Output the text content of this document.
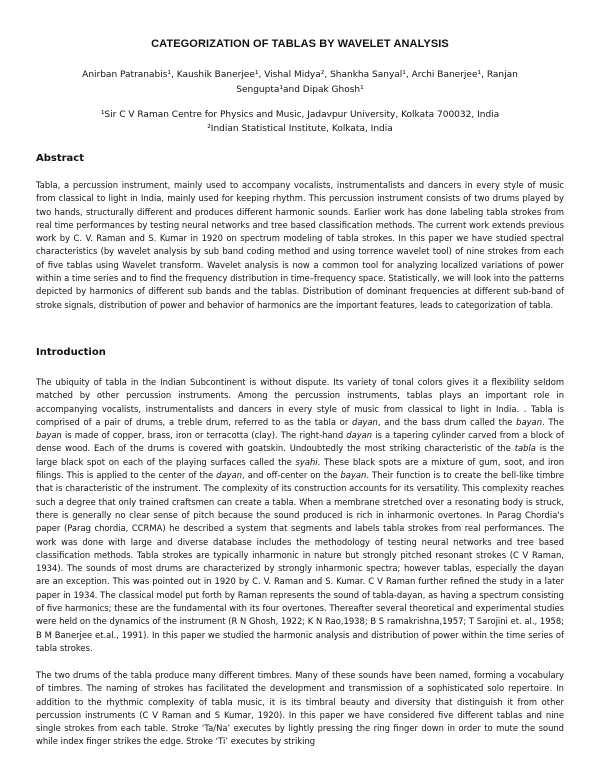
CATEGORIZATION OF TABLAS BY WAVELET ANALYSIS
Anirban Patranabis¹, Kaushik Banerjee¹, Vishal Midya², Shankha Sanyal¹, Archi Banerjee¹, Ranjan Sengupta¹and Dipak Ghosh¹
¹Sir C V Raman Centre for Physics and Music, Jadavpur University, Kolkata 700032, India
²Indian Statistical Institute, Kolkata, India
Abstract
Tabla, a percussion instrument, mainly used to accompany vocalists, instrumentalists and dancers in every style of music from classical to light in India, mainly used for keeping rhythm. This percussion instrument consists of two drums played by two hands, structurally different and produces different harmonic sounds. Earlier work has done labeling tabla strokes from real time performances by testing neural networks and tree based classification methods. The current work extends previous work by C. V. Raman and S. Kumar in 1920 on spectrum modeling of tabla strokes. In this paper we have studied spectral characteristics (by wavelet analysis by sub band coding method and using torrence wavelet tool) of nine strokes from each of five tablas using Wavelet transform. Wavelet analysis is now a common tool for analyzing localized variations of power within a time series and to find the frequency distribution in time–frequency space. Statistically, we will look into the patterns depicted by harmonics of different sub bands and the tablas. Distribution of dominant frequencies at different sub-band of stroke signals, distribution of power and behavior of harmonics are the important features, leads to categorization of tabla.
Introduction
The ubiquity of tabla in the Indian Subcontinent is without dispute. Its variety of tonal colors gives it a flexibility seldom matched by other percussion instruments. Among the percussion instruments, tablas plays an important role in accompanying vocalists, instrumentalists and dancers in every style of music from classical to light in India. . Tabla is comprised of a pair of drums, a treble drum, referred to as the tabla or dayan, and the bass drum called the bayan. The bayan is made of copper, brass, iron or terracotta (clay). The right-hand dayan is a tapering cylinder carved from a block of dense wood. Each of the drums is covered with goatskin. Undoubtedly the most striking characteristic of the tabla is the large black spot on each of the playing surfaces called the syahi. These black spots are a mixture of gum, soot, and iron filings. This is applied to the center of the dayan, and off-center on the bayan. Their function is to create the bell-like timbre that is characteristic of the instrument. The complexity of its construction accounts for its versatility. This complexity reaches such a degree that only trained craftsmen can create a tabla. When a membrane stretched over a resonating body is struck, there is generally no clear sense of pitch because the sound produced is rich in inharmonic overtones. In Parag Chordia's paper (Parag chordia, CCRMA) he described a system that segments and labels tabla strokes from real performances. The work was done with large and diverse database includes the methodology of testing neural networks and tree based classification methods. Tabla strokes are typically inharmonic in nature but strongly pitched resonant strokes (C V Raman, 1934). The sounds of most drums are characterized by strongly inharmonic spectra; however tablas, especially the dayan are an exception. This was pointed out in 1920 by C. V. Raman and S. Kumar. C V Raman further refined the study in a later paper in 1934. The classical model put forth by Raman represents the sound of tabla-dayan, as having a spectrum consisting of five harmonics; these are the fundamental with its four overtones. Thereafter several theoretical and experimental studies were held on the dynamics of the instrument (R N Ghosh, 1922; K N Rao,1938; B S ramakrishna,1957; T Sarojini et. al., 1958; B M Banerjee et.al., 1991). In this paper we studied the harmonic analysis and distribution of power within the time series of tabla strokes.
The two drums of the tabla produce many different timbres. Many of these sounds have been named, forming a vocabulary of timbres. The naming of strokes has facilitated the development and transmission of a sophisticated solo repertoire. In addition to the rhythmic complexity of tabla music, it is its timbral beauty and diversity that distinguish it from other percussion instruments (C V Raman and S Kumar, 1920). In this paper we have considered five different tablas and nine single strokes from each table. Stroke ‘Ta/Na’ executes by lightly pressing the ring finger down in order to mute the sound while index finger strikes the edge. Stroke ‘Ti’ executes by striking
